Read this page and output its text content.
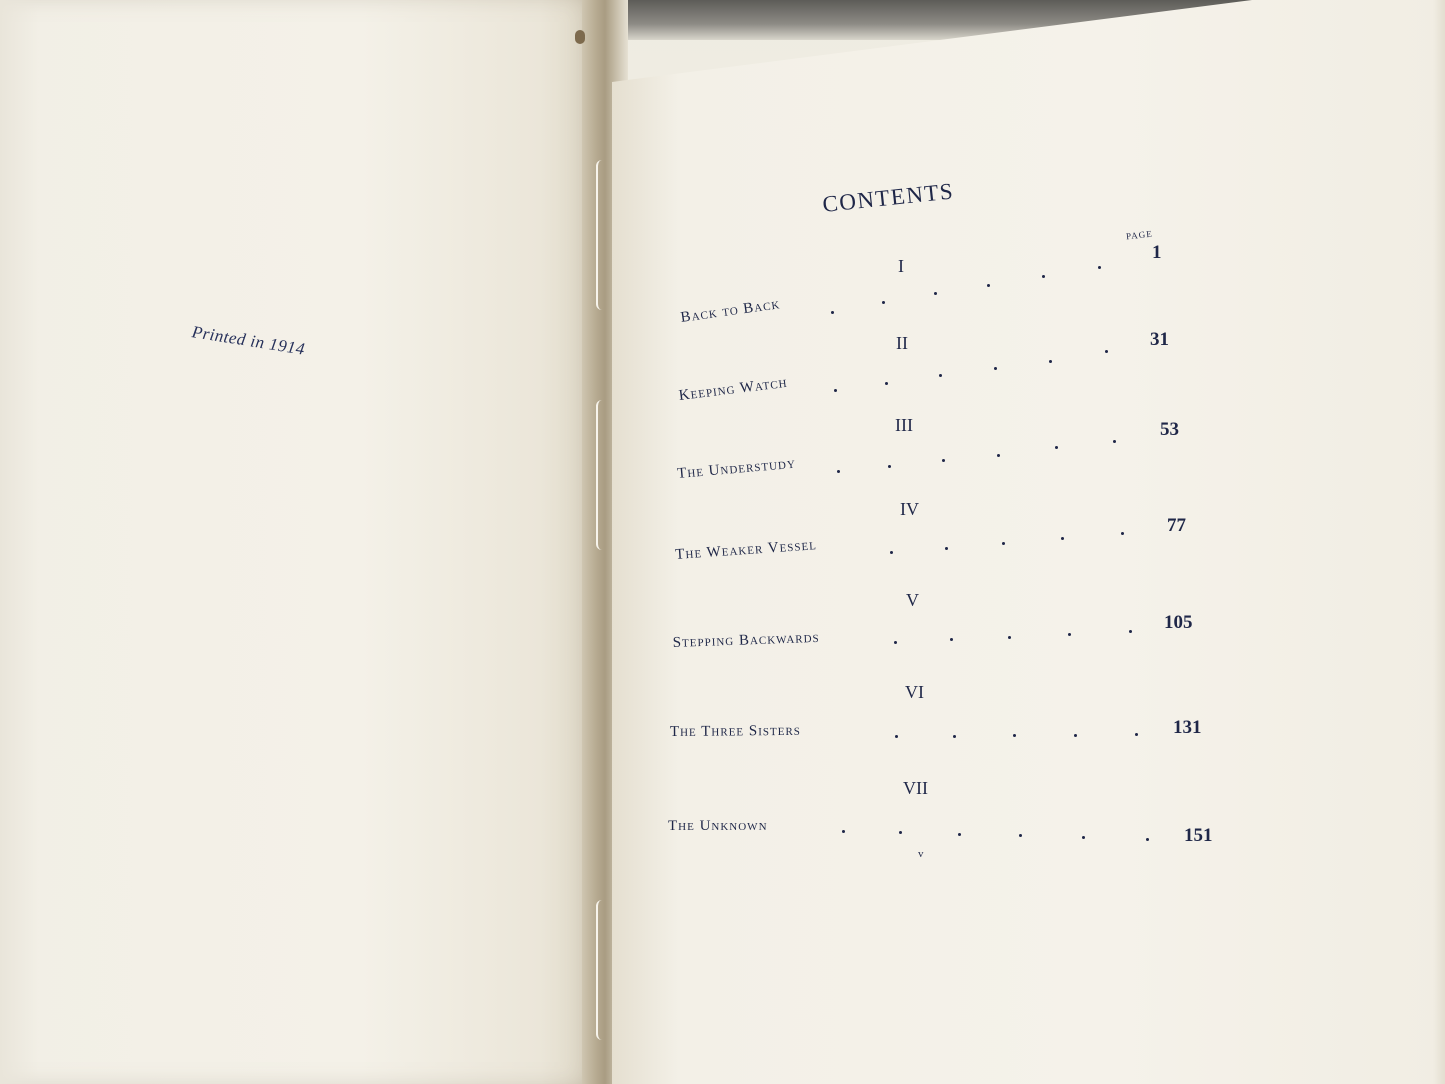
Printed in 1914
CONTENTS
PAGE
I
Back to Back
1
II
Keeping Watch
31
III
The Understudy
53
IV
The Weaker Vessel
77
V
Stepping Backwards
105
VI
The Three Sisters	131
VII
The Unknown	151
v
